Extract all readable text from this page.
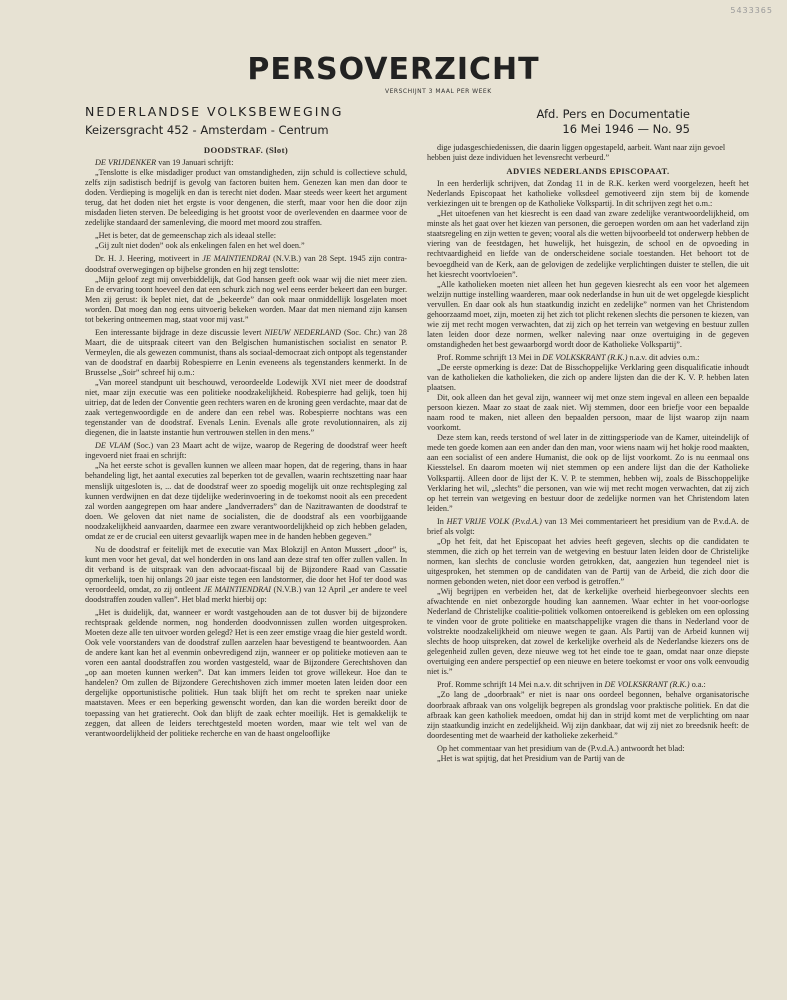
5433365
PERSOVERZICHT
VERSCHIJNT 3 MAAL PER WEEK
NEDERLANDSE VOLKSBEWEGING
Keizersgracht 452 - Amsterdam - Centrum
Afd. Pers en Documentatie
16 Mei 1946 — No. 95
DOODSTRAF. (Slot)

DE VRIJDENKER van 19 Januari schrijft:

„Tenslotte is elke misdadiger product van omstandigheden, zijn schuld is collectieve schuld, zelfs zijn sadistisch bedrijf is gevolg van factoren buiten hem. Genezen kan men dan door te doden. Verdieping is mogelijk en dan is terecht niet doden. Maar steeds weer keert het argument terug, dat het doden niet het ergste is voor dengenen, die sterft, maar voor hen die door zijn misdaden lieten sterven. De beleediging is het grootst voor de overlevenden en daarmee voor de zedelijke standaard der samenleving, die moord met moord zou straffen.

„Het is beter, dat de gemeenschap zich als ideaal stelle:

„Gij zult niet doden” ook als enkelingen falen en het wel doen.”

Dr. H. J. Heering, motiveert in JE MAINTIENDRAI (N.V.B.) van 28 Sept. 1945 zijn contra-doodstraf overwegingen op bijbelse gronden en hij zegt tenslotte:

„Mijn geloof zegt mij onverbiddelijk, dat God hansen geeft ook waar wij die niet meer zien. En de ervaring toont hoeveel den dat een schurk zich nog wel eens eerder bekeert dan een burger. Men zij gerust: ik beplet niet, dat de „bekeerde” dan ook maar onmiddellijk losgelaten moet worden. Dat moeg dan nog eens uitvoerig bekeken worden. Maar dat men niemand zijn kansen tot bekering ontneemen mag, staat voor mij vast.”

Een interessante bijdrage in deze discussie levert NIEUW NEDERLAND (Soc. Chr.) van 28 Maart, die de uitspraak citeert van den Belgischen humanistischen socialist en senator P. Vermeylen, die als gewezen communist, thans als sociaal-democraat zich ontpopt als tegenstander van de doodstraf en daarbij Robespierre en Lenin eveneens als tegenstanders kenmerkt. In de Brusselse „Soir” schreef hij o.m.:

„Van moreel standpunt uit beschouwd, veroordeelde Lodewijk XVI niet meer de doodstraf niet, maar zijn executie was een politieke noodzakelijkheid. Robespierre had gelijk, toen hij uitriep, dat de leden der Conventie geen rechters waren en de kroning geen verdachte, maar dat de zaak vertegenwoordigde en de andere dan een rebel was. Robespierre nochtans was een tegenstander van de doodstraf. Evenals Lenin. Evenals alle grote revolutionnairen, als zij diegenen, die in laatste instantie hun vertrouwen stellen in den mens.”

DE VLAM (Soc.) van 23 Maart acht de wijze, waarop de Regering de doodstraf weer heeft ingevoerd niet fraai en schrijft:

„Na het eerste schot is gevallen kunnen we alleen maar hopen, dat de regering, thans in haar behandeling ligt, het aantal executies zal beperken tot de gevallen, waarin rechtszetting naar haar menslijk uitgesloten is, ... dat de doodstraf weer zo spoedig mogelijk uit onze rechtspleging zal kunnen verdwijnen en dat deze tijdelijke wederinvoering in de toekomst nooit als een precedent zal worden aangegrepen om haar andere „landverraders” dan de Nazitrawanten de doodstraf te doen. We geloven dat niet name de socialisten, die de doodstraf als een voorbijgaande noodzakelijkheid aanvaarden, daarmee een zware verantwoordelijkheid op zich hebben geladen, omdat ze er de crucial een uiterst gevaarlijk wapen mee in de handen hebben gegeven.”

Nu de doodstraf er feitelijk met de executie van Max Blokzijl en Anton Mussert „door” is, kunt men voor het geval, dat wel honderden in ons land aan deze straf ten offer zullen vallen. In dit verband is de uitspraak van den advocaat-fiscaal bij de Bijzondere Raad van Cassatie opmerkelijk, toen hij onlangs 20 jaar eiste tegen een landstormer, die door het Hof ter dood was veroordeeld, omdat, zo zij ontleent JE MAINTIENDRAI (N.V.B.) van 12 April „er andere te veel doodstraffen zouden vallen”. Het blad merkt hierbij op:

„Het is duidelijk, dat, wanneer er wordt vastgehouden aan de tot dusver bij de bijzondere rechtspraak geldende normen, nog honderden doodvonnissen zullen worden uitgesproken. Moeten deze alle ten uitvoer worden gelegd? Het is een zeer emstige vraag die hier gesteld wordt. Ook vele voorstanders van de doodstraf zullen aarzelen haar bevestigend te beantwoorden. Aan de andere kant kan het al evenmin onbevredigend zijn, wanneer er op politieke motieven aan te voren een aantal doodstraffen zou worden vastgesteld, waar de Bijzondere Gerechtshoven dan „op aan moeten kunnen werken”. Dat kan immers leiden tot grove willekeur. Hoe dan te handelen? Om zullen de Bijzondere Gerechtshoven zich immer moeten laten leiden door een dergelijke opportunistische politiek. Hun taak blijft het om recht te spreken naar unieke maatstaven. Mees er een beperking gewenscht worden, dan kan die worden bereikt door de toepassing van het gratierecht. Ook dan blijft de zaak echter moeilijk. Het is gemakkelijk te zeggen, dat alleen de leiders terechtgesteld moeten worden, maar wie telt wel van de verantwoordelijkheid der politieke recherche en van de haast ongelooflijke

dige judasgeschiedenissen, die daarin liggen opgestapeld, aarbeit. Want naar zijn gevoel hebben juist deze individuen het levensrecht verbeurd.”

ADVIES NEDERLANDS EPISCOPAAT.

In een herderlijk schrijven, dat Zondag 11 in de R.K. kerken werd voorgelezen, heeft het Nederlands Episcopaat het katholieke volksdeel gemotiveerd zijn stem bij de komende verkiezingen uit te brengen op de Katholieke Volkspartij. In dit schrijven zegt het o.m.:

„Het uitoefenen van het kiesrecht is een daad van zware zedelijke verantwoordelijkheid, om minste als het gaat over het kiezen van personen, die geroepen worden om aan het vaderland zijn staatsregeling en zijn wetten te geven; vooral als die wetten bijvoorbeeld tot onderwerp hebben de viering van de feestdagen, het huwelijk, het huisgezin, de school en de opvoeding in rechtvaardigheid en liefde van de onderscheidene sociale toestanden. Het behoort tot de bevoegdheid van de Kerk, aan de gelovigen de zedelijke verplichtingen duister te stellen, die uit het kiesrecht voortvloeien”.

„Alle katholieken moeten niet alleen het hun gegeven kiesrecht als een voor het algemeen welzijn nuttige instelling waarderen, maar ook nederlandse in hun uit de wet opgelegde kiesplicht vervullen. En daar ook als hun staatkundig inzicht en zedelijke” normen van het Christendom gehoorzaamd moet, zijn, moeten zij het zich tot plicht rekenen slechts die personen te kiezen, van wie zij met recht mogen verwachten, dat zij zich op het terrein van wetgeving en bestuur zullen laten leiden door deze normen, welker naleving naar onze overtuiging in de gegeven omstandigheden het best gewaarborgd wordt door de Katholieke Volkspartij”.

Prof. Romme schrijft 13 Mei in DE VOLKSKRANT (R.K.) n.a.v. dit advies o.m.:

„De eerste opmerking is deze: Dat de Bisschoppelijke Verklaring geen disqualificatie inhoudt van de katholieken die katholieken, die zich op andere lijsten dan die der K. V. P. hebben laten plaatsen.

Dit, ook alleen dan het geval zijn, wanneer wij met onze stem ingeval en alleen een bepaalde persoon kiezen. Maar zo staat de zaak niet. Wij stemmen, door een briefje voor een bepaalde naam rood te maken, niet alleen den bepaalden persoon, maar de lijst waarop zijn naam voorkomt.

Deze stem kan, reeds terstond of wel later in de zittingsperiode van de Kamer, uiteindelijk of mede ten goede komen aan een ander dan den man, voor wiens naam wij het hokje rood maakten, aan een socialist of een andere Humanist, die ook op de lijst voorkomt. Zo is nu eenmaal ons Kiesstelsel. En daarom moeten wij niet stemmen op een andere lijst dan die der Katholieke Volkspartij. Alleen door de lijst der K. V. P. te stemmen, hebben wij, zoals de Bisschoppelijke Verklaring het wil, „slechts” die personen, van wie wij met recht mogen verwachten, dat zij zich op het terrein van wetgeving en bestuur door de zedelijke normen van het Christendom laten leiden.”

In HET VRIJE VOLK (P.v.d.A.) van 13 Mei commentarieert het presidium van de P.v.d.A. de brief als volgt:

„Op het feit, dat het Episcopaat het advies heeft gegeven, slechts op die candidaten te stemmen, die zich op het terrein van de wetgeving en bestuur laten leiden door de Christelijke normen, kan slechts de conclusie worden getrokken, dat, aangezien hun tegendeel niet is uitgesproken, het stemmen op de candidaten van de Partij van de Arbeid, die zich door die normen gebonden weten, niet door een verbod is getroffen.”

„Wij begrijpen en verbeiden het, dat de kerkelijke overheid hierbegeonvoer slechts een afwachtende en niet onbezorgde houding kan aannemen. Waar echter in het voor-oorlogse Nederland de Christelijke coalitie-politiek volkomen ontoereikend is gebleken om een oplossing te vinden voor de grote politieke en maatschappelijke vragen die thans in Nederland voor de volstrekte noodzakelijkheid om nieuwe wegen te gaan. Als Partij van de Arbeid kunnen wij slechts de hoop uitspreken, dat zowel de kerkelijke overheid als de Nederlandse kiezers ons de gelegenheid zullen geven, deze nieuwe weg tot het einde toe te gaan, omdat naar onze diepste overtuiging een andere perspectief op een nieuwe en betere toekomst er voor ons volk eenvoudig niet is.”

Prof. Romme schrijft 14 Mei n.a.v. dit schrijven in DE VOLKSKRANT (R.K.) o.a.:

„Zo lang de „doorbraak” er niet is naar ons oordeel begonnen, behalve organisatorische doorbraak afbraak van ons volgelijk begrepen als grondslag voor praktische politiek. En dat die afbraak kan geen katholiek meedoen, omdat hij dan in strijd komt met de verplichting om naar zijn staatkundig inzicht en zedelijkheid. Wij zijn dankbaar, dat wij zij niet zo breedsnik heeft: de doordesenting met de waarheid der katholieke zekerheid.”

Op het commentaar van het presidium van de (P.v.d.A.) antwoordt het blad:

„Het is wat spijtig, dat het Presidium van de Partij van de
